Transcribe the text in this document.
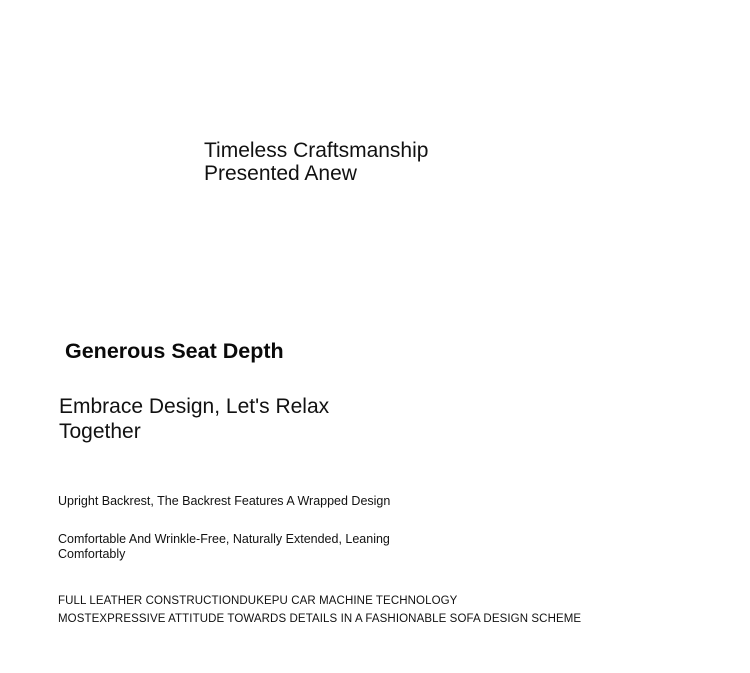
Timeless Craftsmanship
Presented Anew
Generous Seat Depth
Embrace Design, Let's Relax
Together
Upright Backrest, The Backrest Features A Wrapped Design
Comfortable And Wrinkle-Free, Naturally Extended, Leaning
Comfortably
FULL LEATHER CONSTRUCTIONDUKEPU CAR MACHINE TECHNOLOGY
MOSTEXPRESSIVE ATTITUDE TOWARDS DETAILS IN A FASHIONABLE SOFA DESIGN SCHEME
